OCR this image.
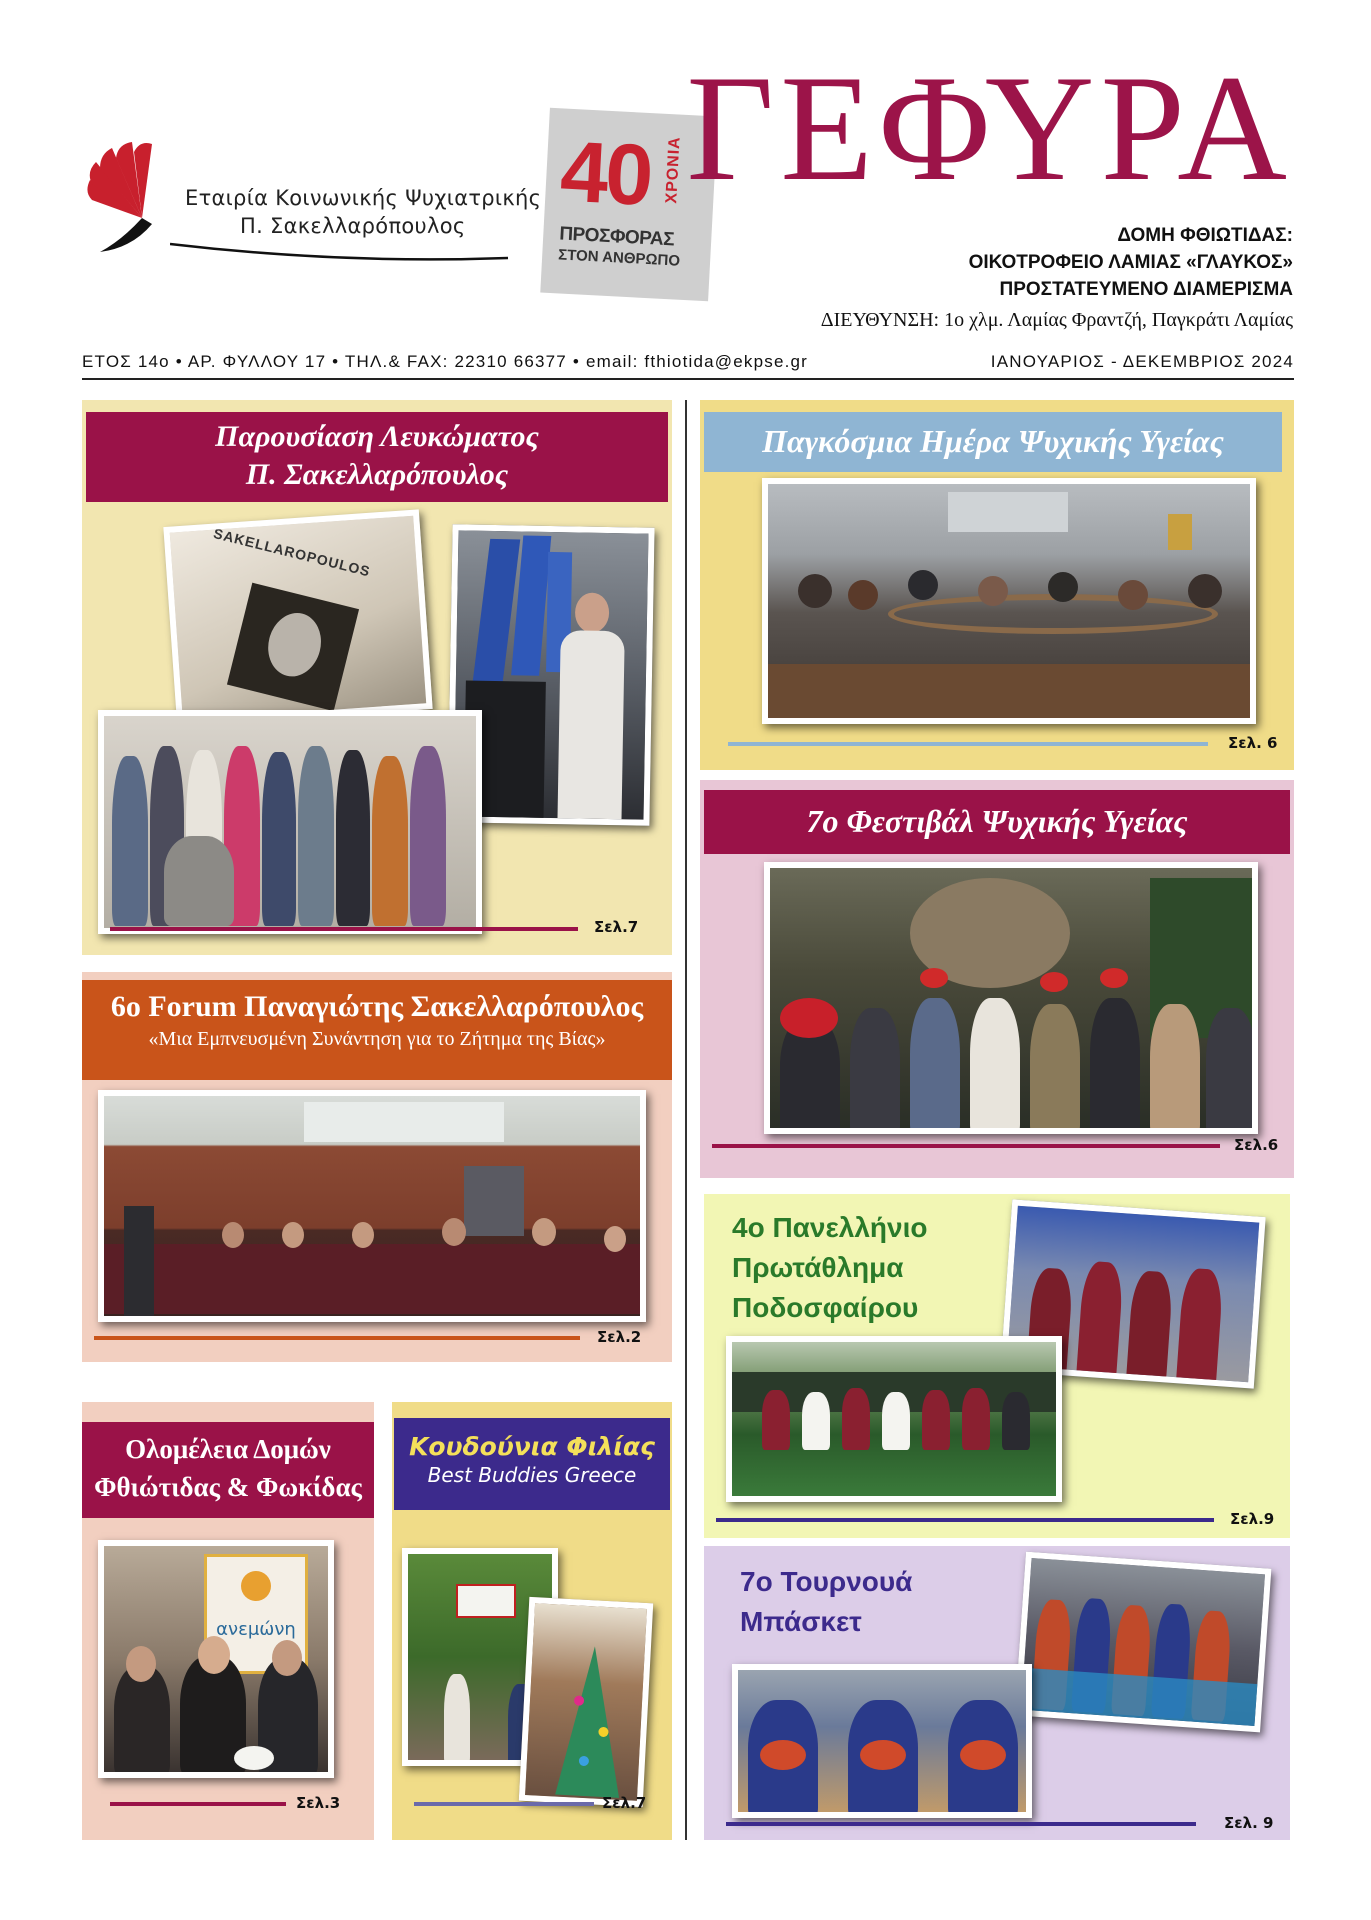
Εταιρία Κοινωνικής Ψυχιατρικής
Π. Σακελλαρόπουλος
40 ΧΡΟΝΙΑ
ΠΡΟΣΦΟΡΑΣ
ΣΤΟΝ ΑΝΘΡΩΠΟ
ΓΕΦΥΡΑ
ΔΟΜΗ ΦΘΙΩΤΙΔΑΣ:
ΟΙΚΟΤΡΟΦΕΙΟ ΛΑΜΙΑΣ «ΓΛΑΥΚΟΣ»
ΠΡΟΣΤΑΤΕΥΜΕΝΟ ΔΙΑΜΕΡΙΣΜΑ
ΔΙΕΥΘΥΝΣΗ: 1ο χλμ. Λαμίας Φραντζή, Παγκράτι Λαμίας
ΕΤΟΣ 14ο • ΑΡ. ΦΥΛΛΟΥ 17 • ΤΗΛ.& FAX: 22310 66377 • email: fthiotida@ekpse.gr	ΙΑΝΟΥΑΡΙΟΣ - ΔΕΚΕΜΒΡΙΟΣ 2024
Παρουσίαση Λευκώματος
Π. Σακελλαρόπουλος
SAKELLAROPOULOS
Σελ.7
6ο Forum Παναγιώτης Σακελλαρόπουλος
«Μια Εμπνευσμένη Συνάντηση για το Ζήτημα της Βίας»
Σελ.2
Ολομέλεια Δομών
Φθιώτιδας & Φωκίδας
ανεμώνη
Σελ.3
Κουδούνια Φιλίας
Best Buddies Greece
Σελ.7
Παγκόσμια Ημέρα Ψυχικής Υγείας
Σελ. 6
7ο Φεστιβάλ Ψυχικής Υγείας
Σελ.6
4ο Πανελλήνιο
Πρωτάθλημα
Ποδοσφαίρου
Σελ.9
7ο Τουρνουά
Μπάσκετ
Σελ. 9
